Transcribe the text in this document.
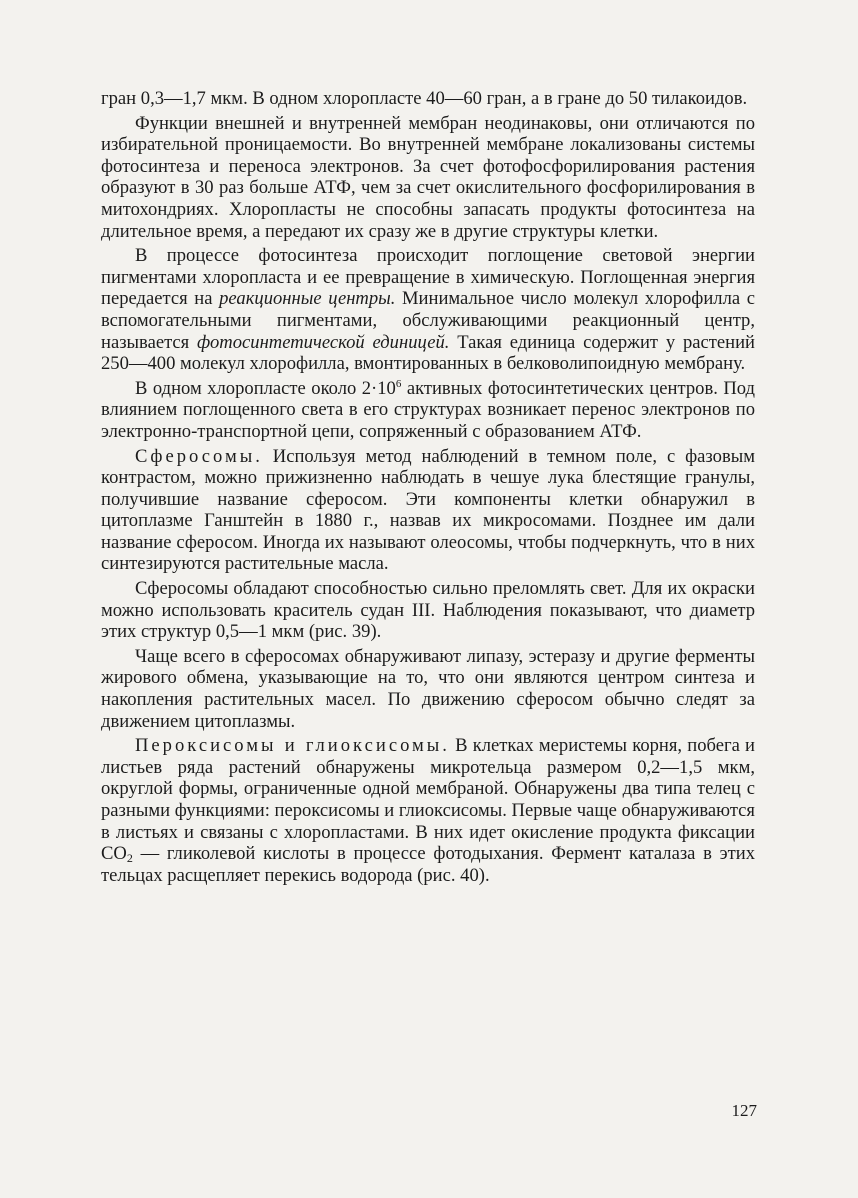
гран 0,3—1,7 мкм. В одном хлоропласте 40—60 гран, а в гране до 50 тилакоидов.

Функции внешней и внутренней мембран неодинаковы, они отличаются по избирательной проницаемости. Во внутренней мембране локализованы системы фотосинтеза и переноса электронов. За счет фотофосфорилирования растения образуют в 30 раз больше АТФ, чем за счет окислительного фосфорилирования в митохондриях. Хлоропласты не способны запасать продукты фотосинтеза на длительное время, а передают их сразу же в другие структуры клетки.

В процессе фотосинтеза происходит поглощение световой энергии пигментами хлоропласта и ее превращение в химическую. Поглощенная энергия передается на реакционные центры. Минимальное число молекул хлорофилла с вспомогательными пигментами, обслуживающими реакционный центр, называется фотосинтетической единицей. Такая единица содержит у растений 250—400 молекул хлорофилла, вмонтированных в белковолипоидную мембрану.

В одном хлоропласте около $2\cdot 10^6$ активных фотосинтетических центров. Под влиянием поглощенного света в его структурах возникает перенос электронов по электронно-транспортной цепи, сопряженный с образованием АТФ.

Сферосомы. Используя метод наблюдений в темном поле, с фазовым контрастом, можно прижизненно наблюдать в чешуе лука блестящие гранулы, получившие название сферосом. Эти компоненты клетки обнаружил в цитоплазме Ганштейн в 1880 г., назвав их микросомами. Позднее им дали название сферосом. Иногда их называют олеосомы, чтобы подчеркнуть, что в них синтезируются растительные масла.

Сферосомы обладают способностью сильно преломлять свет. Для их окраски можно использовать краситель судан III. Наблюдения показывают, что диаметр этих структур 0,5—1 мкм (рис. 39).

Чаще всего в сферосомах обнаруживают липазу, эстеразу и другие ферменты жирового обмена, указывающие на то, что они являются центром синтеза и накопления растительных масел. По движению сферосом обычно следят за движением цитоплазмы.

Пероксисомы и глиоксисомы. В клетках меристемы корня, побега и листьев ряда растений обнаружены микротельца размером 0,2—1,5 мкм, округлой формы, ограниченные одной мембраной. Обнаружены два типа телец с разными функциями: пероксисомы и глиоксисомы. Первые чаще обнаруживаются в листьях и связаны с хлоропластами. В них идет окисление продукта фиксации $СО_2$ — гликолевой кислоты в процессе фотодыхания. Фермент каталаза в этих тельцах расщепляет перекись водорода (рис. 40).

127
